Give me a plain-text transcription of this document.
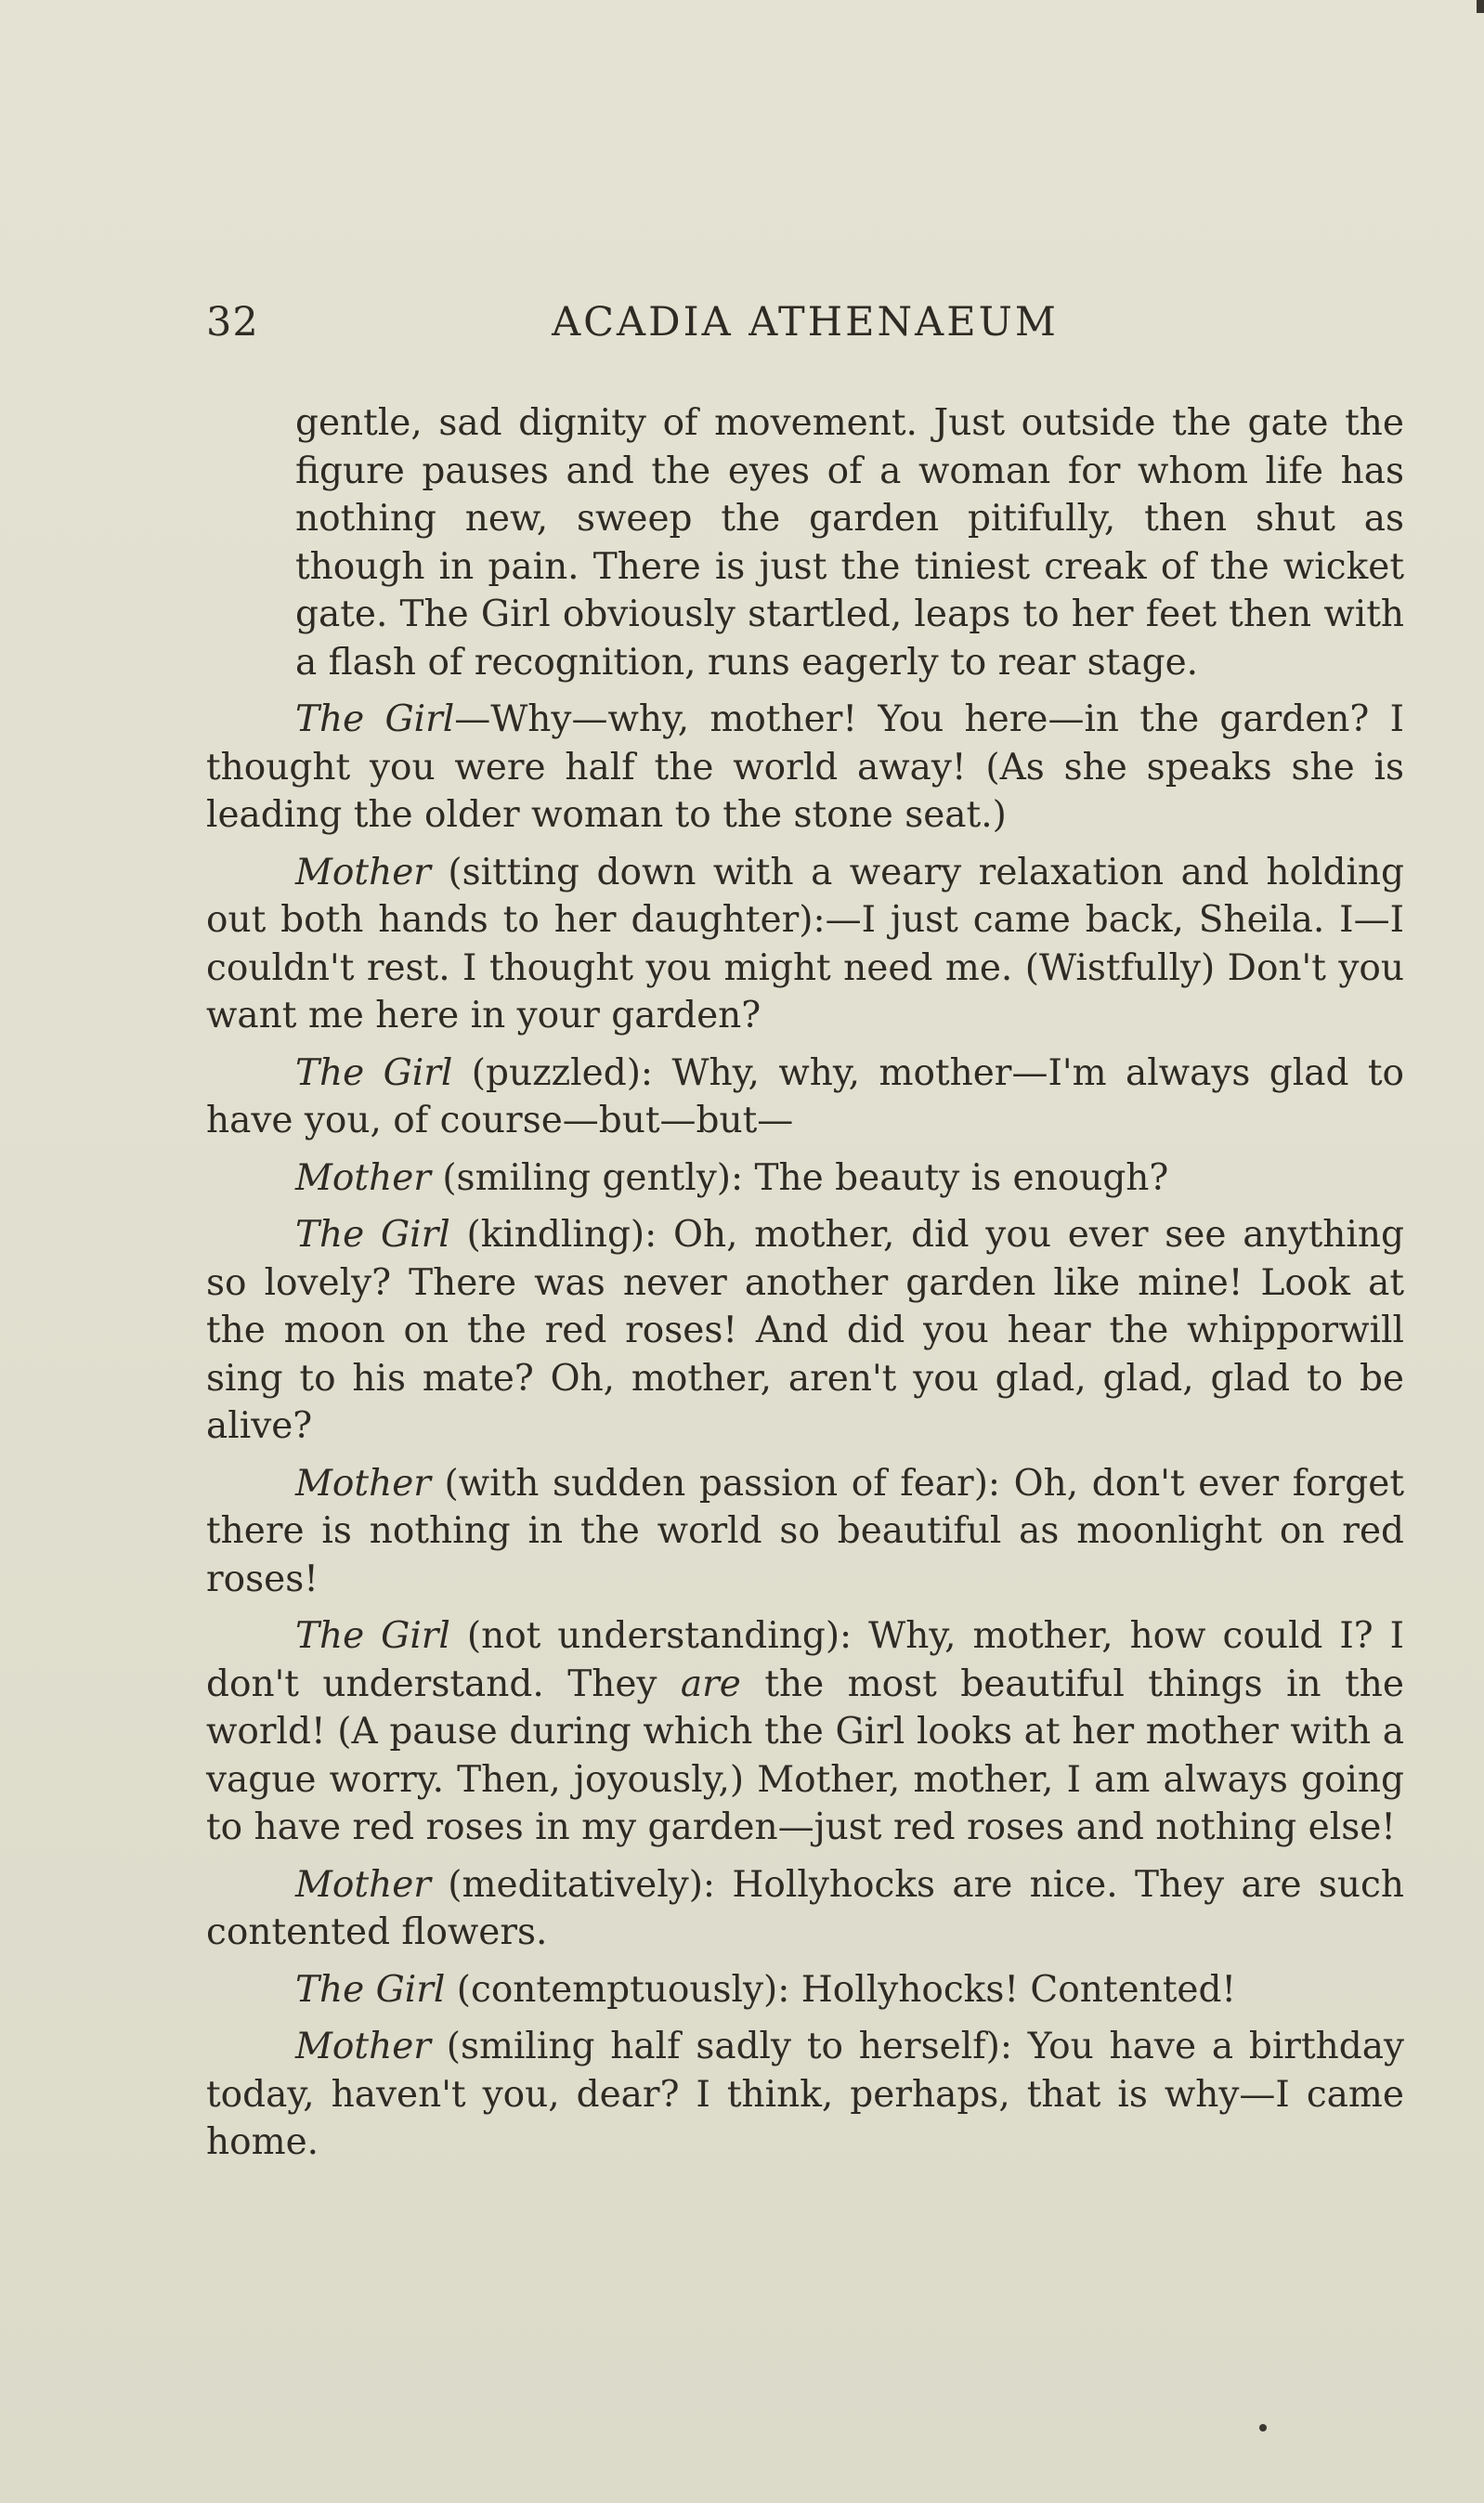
32	ACADIA ATHENAEUM

gentle, sad dignity of movement. Just outside the gate the figure pauses and the eyes of a woman for whom life has nothing new, sweep the garden pitifully, then shut as though in pain. There is just the tiniest creak of the wicket gate. The Girl obviously startled, leaps to her feet then with a flash of recognition, runs eagerly to rear stage.

The Girl—Why—why, mother! You here—in the garden? I thought you were half the world away! (As she speaks she is leading the older woman to the stone seat.)

Mother (sitting down with a weary relaxation and holding out both hands to her daughter):—I just came back, Sheila. I—I couldn't rest. I thought you might need me. (Wistfully) Don't you want me here in your garden?

The Girl (puzzled): Why, why, mother—I'm always glad to have you, of course—but—but—

Mother (smiling gently): The beauty is enough?

The Girl (kindling): Oh, mother, did you ever see anything so lovely? There was never another garden like mine! Look at the moon on the red roses! And did you hear the whipporwill sing to his mate? Oh, mother, aren't you glad, glad, glad to be alive?

Mother (with sudden passion of fear): Oh, don't ever forget there is nothing in the world so beautiful as moonlight on red roses!

The Girl (not understanding): Why, mother, how could I? I don't understand. They are the most beautiful things in the world! (A pause during which the Girl looks at her mother with a vague worry. Then, joyously,) Mother, mother, I am always going to have red roses in my garden—just red roses and nothing else!

Mother (meditatively): Hollyhocks are nice. They are such contented flowers.

The Girl (contemptuously): Hollyhocks! Contented!

Mother (smiling half sadly to herself): You have a birthday today, haven't you, dear? I think, perhaps, that is why—I came home.
